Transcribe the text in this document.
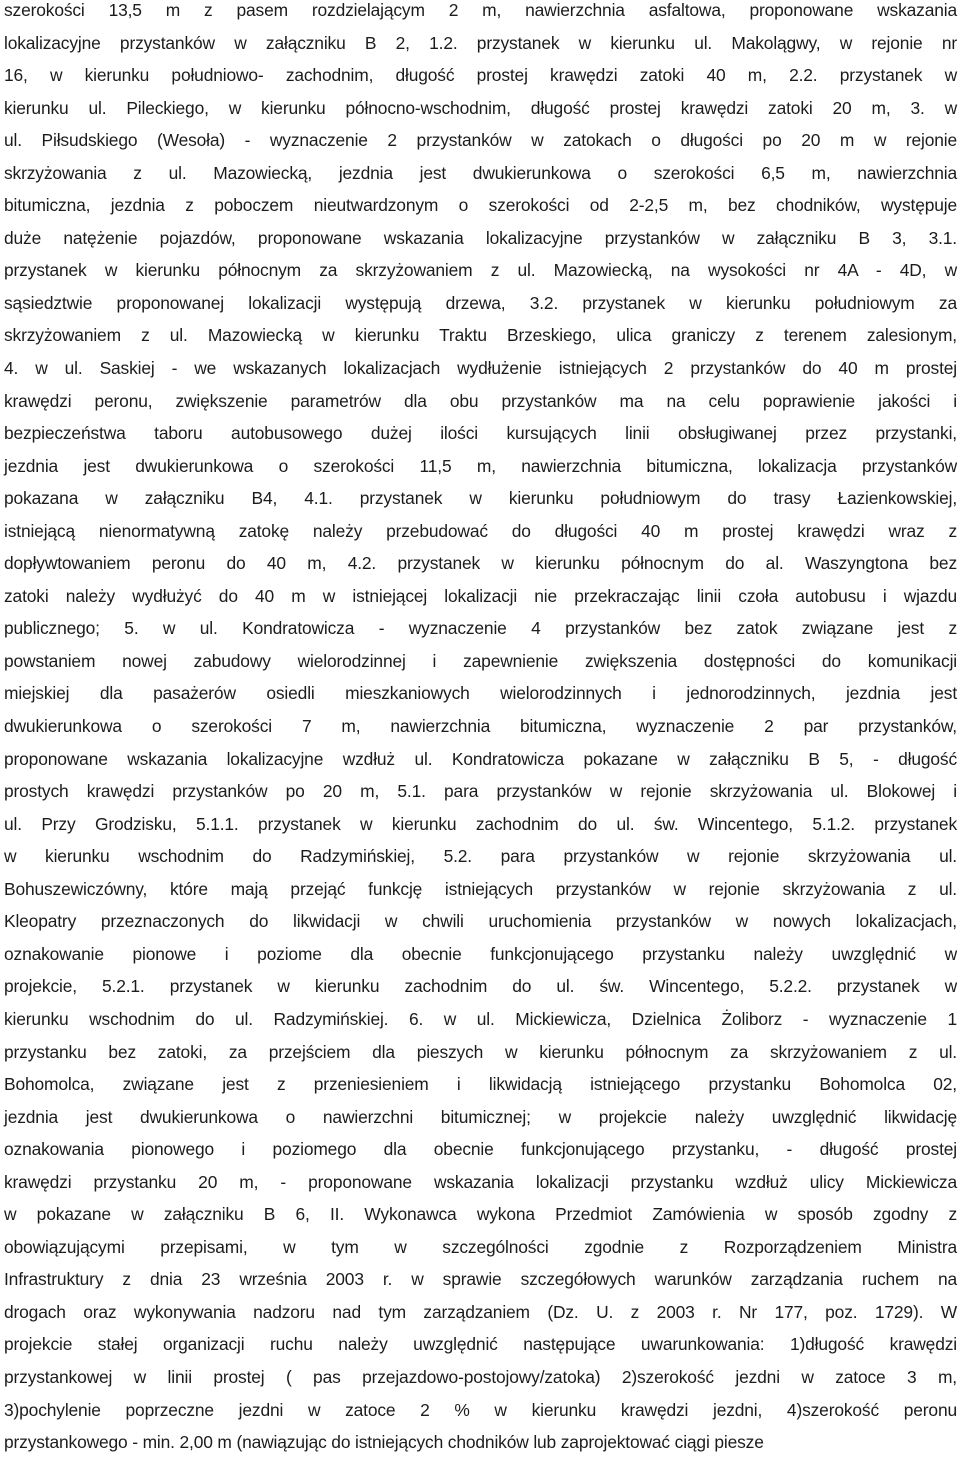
szerokości 13,5 m z pasem rozdzielającym 2 m, nawierzchnia asfaltowa, proponowane wskazania
lokalizacyjne przystanków w załączniku B 2, 1.2. przystanek w kierunku ul. Makolągwy, w rejonie nr
16, w kierunku południowo- zachodnim, długość prostej krawędzi zatoki 40 m, 2.2. przystanek w
kierunku ul. Pileckiego, w kierunku północno-wschodnim, długość prostej krawędzi zatoki 20 m, 3. w
ul. Piłsudskiego (Wesoła) - wyznaczenie 2 przystanków w zatokach o długości po 20 m w rejonie
skrzyżowania z ul. Mazowiecką, jezdnia jest dwukierunkowa o szerokości 6,5 m, nawierzchnia
bitumiczna, jezdnia z poboczem nieutwardzonym o szerokości od 2-2,5 m, bez chodników, występuje
duże natężenie pojazdów, proponowane wskazania lokalizacyjne przystanków w załączniku B 3, 3.1.
przystanek w kierunku północnym za skrzyżowaniem z ul. Mazowiecką, na wysokości nr 4A - 4D, w
sąsiedztwie proponowanej lokalizacji występują drzewa, 3.2. przystanek w kierunku południowym za
skrzyżowaniem z ul. Mazowiecką w kierunku Traktu Brzeskiego, ulica graniczy z terenem zalesionym,
4. w ul. Saskiej - we wskazanych lokalizacjach wydłużenie istniejących 2 przystanków do 40 m prostej
krawędzi peronu, zwiększenie parametrów dla obu przystanków ma na celu poprawienie jakości i
bezpieczeństwa taboru autobusowego dużej ilości kursujących linii obsługiwanej przez przystanki,
jezdnia jest dwukierunkowa o szerokości 11,5 m, nawierzchnia bitumiczna, lokalizacja przystanków
pokazana w załączniku B4, 4.1. przystanek w kierunku południowym do trasy Łazienkowskiej,
istniejącą nienormatywną zatokę należy przebudować do długości 40 m prostej krawędzi wraz z
dopływtowaniem peronu do 40 m, 4.2. przystanek w kierunku północnym do al. Waszyngtona bez
zatoki należy wydłużyć do 40 m w istniejącej lokalizacji nie przekraczając linii czoła autobusu i wjazdu
publicznego; 5. w ul. Kondratowicza - wyznaczenie 4 przystanków bez zatok związane jest z
powstaniem nowej zabudowy wielorodzinnej i zapewnienie zwiększenia dostępności do komunikacji
miejskiej dla pasażerów osiedli mieszkaniowych wielorodzinnych i jednorodzinnych, jezdnia jest
dwukierunkowa o szerokości 7 m, nawierzchnia bitumiczna, wyznaczenie 2 par przystanków,
proponowane wskazania lokalizacyjne wzdłuż ul. Kondratowicza pokazane w załączniku B 5, - długość
prostych krawędzi przystanków po 20 m, 5.1. para przystanków w rejonie skrzyżowania ul. Blokowej i
ul. Przy Grodzisku, 5.1.1. przystanek w kierunku zachodnim do ul. św. Wincentego, 5.1.2. przystanek
w kierunku wschodnim do Radzymińskiej, 5.2. para przystanków w rejonie skrzyżowania ul.
Bohuszewiczówny, które mają przejąć funkcję istniejących przystanków w rejonie skrzyżowania z ul.
Kleopatry przeznaczonych do likwidacji w chwili uruchomienia przystanków w nowych lokalizacjach,
oznakowanie pionowe i poziome dla obecnie funkcjonującego przystanku należy uwzględnić w
projekcie, 5.2.1. przystanek w kierunku zachodnim do ul. św. Wincentego, 5.2.2. przystanek w
kierunku wschodnim do ul. Radzymińskiej. 6. w ul. Mickiewicza, Dzielnica Żoliborz - wyznaczenie 1
przystanku bez zatoki, za przejściem dla pieszych w kierunku północnym za skrzyżowaniem z ul.
Bohomolca, związane jest z przeniesieniem i likwidacją istniejącego przystanku Bohomolca 02,
jezdnia jest dwukierunkowa o nawierzchni bitumicznej; w projekcie należy uwzględnić likwidację
oznakowania pionowego i poziomego dla obecnie funkcjonującego przystanku, - długość prostej
krawędzi przystanku 20 m, - proponowane wskazania lokalizacji przystanku wzdłuż ulicy Mickiewicza
w pokazane w załączniku B 6, II. Wykonawca wykona Przedmiot Zamówienia w sposób zgodny z
obowiązującymi przepisami, w tym w szczególności zgodnie z Rozporządzeniem Ministra
Infrastruktury z dnia 23 września 2003 r. w sprawie szczegółowych warunków zarządzania ruchem na
drogach oraz wykonywania nadzoru nad tym zarządzaniem (Dz. U. z 2003 r. Nr 177, poz. 1729). W
projekcie stałej organizacji ruchu należy uwzględnić następujące uwarunkowania: 1)długość krawędzi
przystankowej w linii prostej ( pas przejazdowo-postojowy/zatoka) 2)szerokość jezdni w zatoce 3 m,
3)pochylenie poprzeczne jezdni w zatoce 2 % w kierunku krawędzi jezdni, 4)szerokość peronu
przystankowego - min. 2,00 m (nawiązując do istniejących chodników lub zaprojektować ciągi piesze
